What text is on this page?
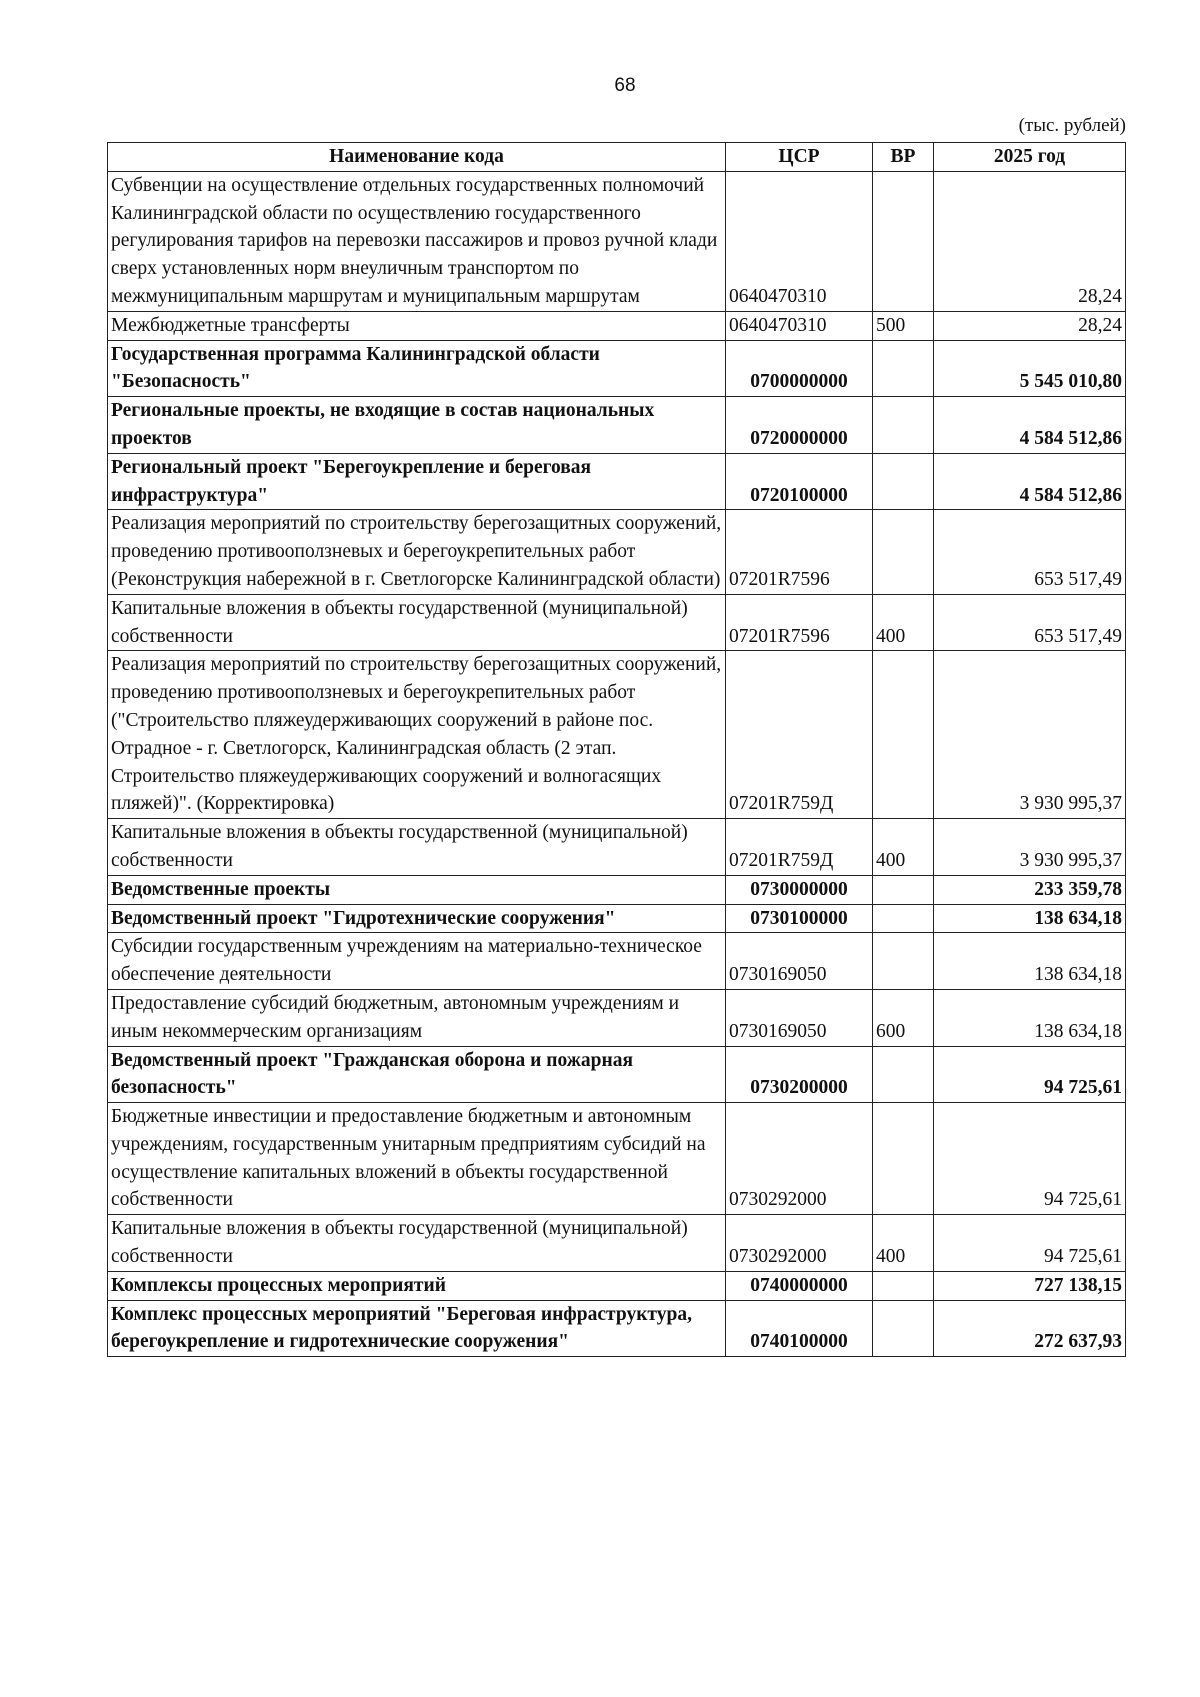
68
(тыс. рублей)
Наименование кода	ЦСР	ВР	2025 год
Субвенции на осуществление отдельных государственных полномочий Калининградской области по осуществлению государственного регулирования тарифов на перевозки пассажиров и провоз ручной клади сверх установленных норм внеуличным транспортом по межмуниципальным маршрутам и муниципальным маршрутам	0640470310		28,24
Межбюджетные трансферты	0640470310	500	28,24
Государственная программа Калининградской области "Безопасность"	0700000000		5 545 010,80
Региональные проекты, не входящие в состав национальных проектов	0720000000		4 584 512,86
Региональный проект "Берегоукрепление и береговая инфраструктура"	0720100000		4 584 512,86
Реализация мероприятий по строительству берегозащитных сооружений, проведению противооползневых и берегоукрепительных работ (Реконструкция набережной в г. Светлогорске Калининградской области)	07201R7596		653 517,49
Капитальные вложения в объекты государственной (муниципальной) собственности	07201R7596	400	653 517,49
Реализация мероприятий по строительству берегозащитных сооружений, проведению противооползневых и берегоукрепительных работ ("Строительство пляжеудерживающих сооружений в районе пос. Отрадное - г. Светлогорск, Калининградская область (2 этап. Строительство пляжеудерживающих сооружений и волногасящих пляжей)". (Корректировка)	07201R759Д		3 930 995,37
Капитальные вложения в объекты государственной (муниципальной) собственности	07201R759Д	400	3 930 995,37
Ведомственные проекты	0730000000		233 359,78
Ведомственный проект "Гидротехнические сооружения"	0730100000		138 634,18
Субсидии государственным учреждениям на материально-техническое обеспечение деятельности	0730169050		138 634,18
Предоставление субсидий бюджетным, автономным учреждениям и иным некоммерческим организациям	0730169050	600	138 634,18
Ведомственный проект "Гражданская оборона и пожарная безопасность"	0730200000		94 725,61
Бюджетные инвестиции и предоставление бюджетным и автономным учреждениям, государственным унитарным предприятиям субсидий на осуществление капитальных вложений в объекты государственной собственности	0730292000		94 725,61
Капитальные вложения в объекты государственной (муниципальной) собственности	0730292000	400	94 725,61
Комплексы процессных мероприятий	0740000000		727 138,15
Комплекс процессных мероприятий "Береговая инфраструктура, берегоукрепление и гидротехнические сооружения"	0740100000		272 637,93
